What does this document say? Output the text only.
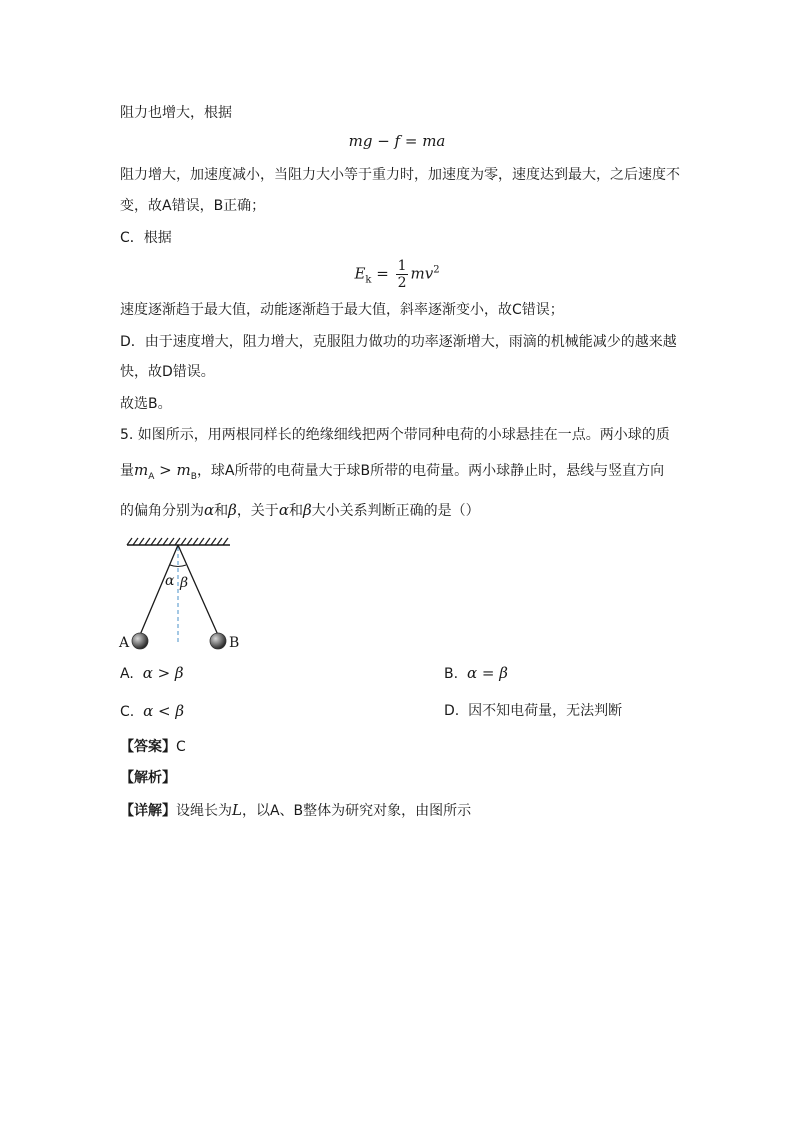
阻力也增大，根据
mg − f = ma
阻力增大，加速度减小，当阻力大小等于重力时，加速度为零，速度达到最大，之后速度不
变，故A错误，B正确；
C．根据
$E_k = \frac{1}{2} mv^2$
速度逐渐趋于最大值，动能逐渐趋于最大值，斜率逐渐变小，故C错误；
D．由于速度增大，阻力增大，克服阻力做功的功率逐渐增大，雨滴的机械能减少的越来越
快，故D错误。
故选B。
5. 如图所示，用两根同样长的绝缘细线把两个带同种电荷的小球悬挂在一点。两小球的质
量$m_A > m_B$，球A所带的电荷量大于球B所带的电荷量。两小球静止时，悬线与竖直方向
的偏角分别为α和β，关于α和β大小关系判断正确的是（）
α β
A	B
A. α > β	B. α = β
C. α < β	D. 因不知电荷量，无法判断
【答案】C
【解析】
【详解】设绳长为L，以A、B整体为研究对象，由图所示
